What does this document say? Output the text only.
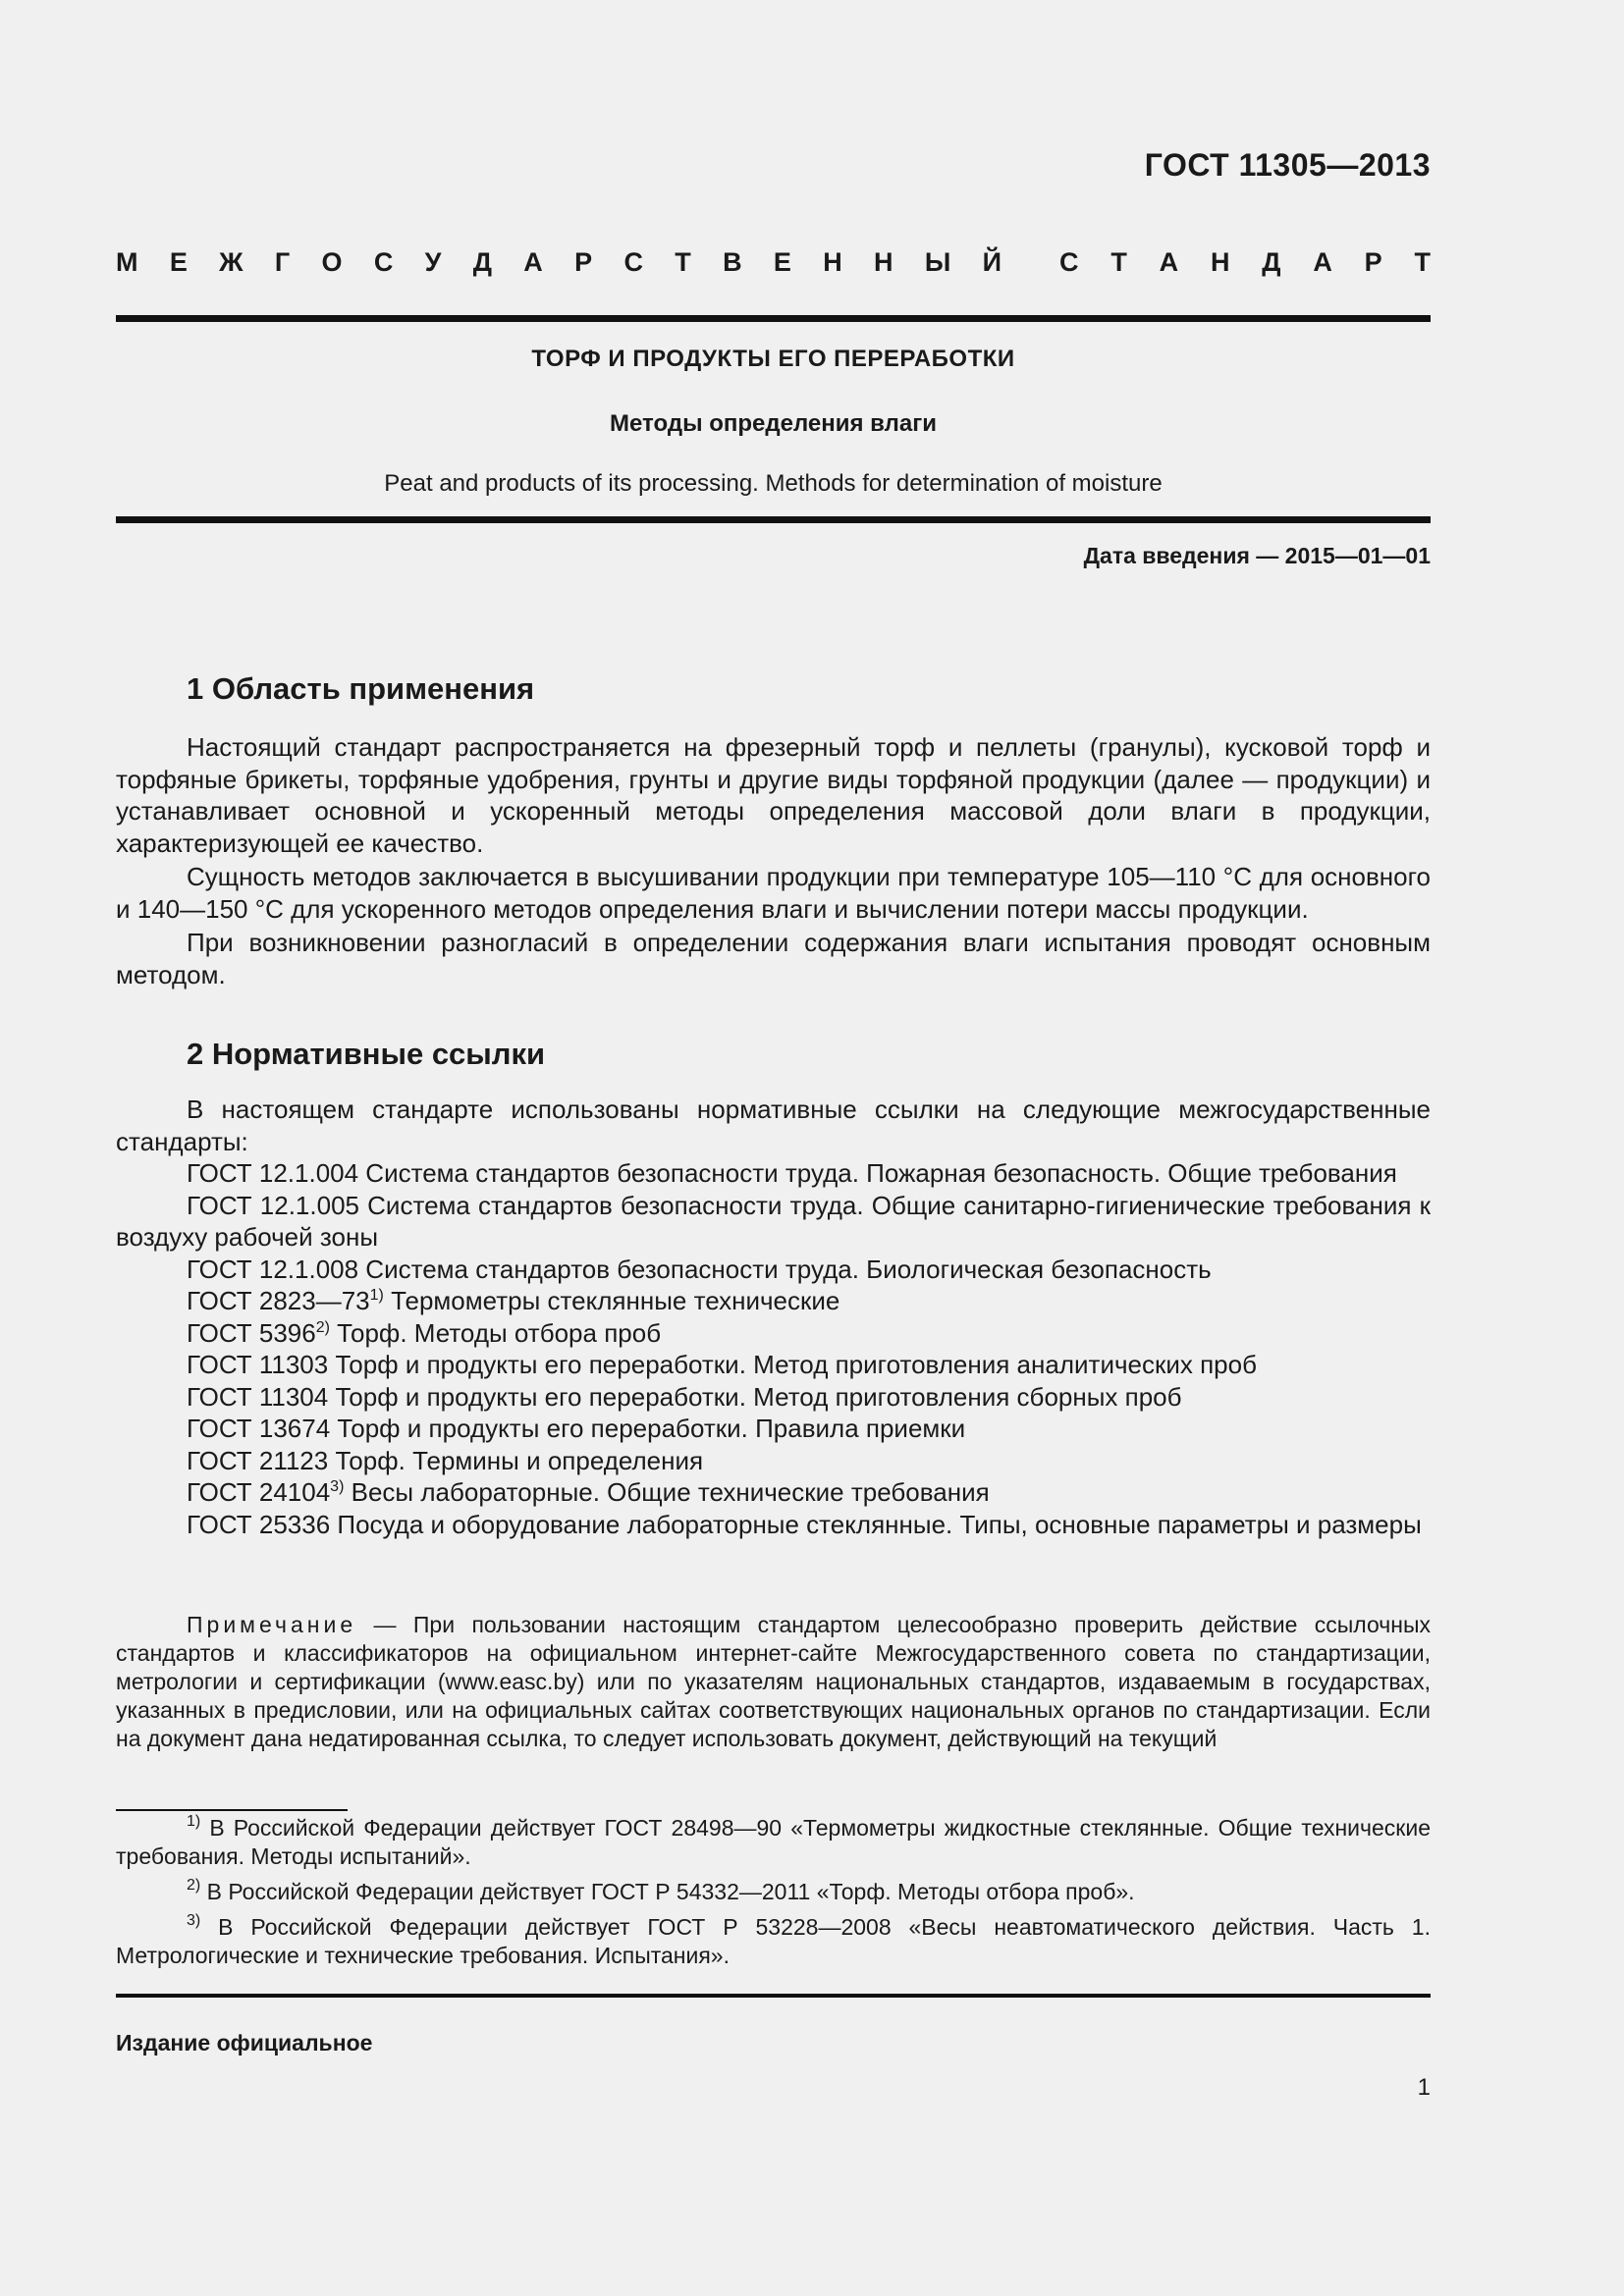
ГОСТ 11305—2013
М Е Ж Г О С У Д А Р С Т В Е Н Н Ы Й С Т А Н Д А Р Т
ТОРФ И ПРОДУКТЫ ЕГО ПЕРЕРАБОТКИ
Методы определения влаги
Peat and products of its processing. Methods for determination of moisture
Дата введения — 2015—01—01
1 Область применения

Настоящий стандарт распространяется на фрезерный торф и пеллеты (гранулы), кусковой торф и торфяные брикеты, торфяные удобрения, грунты и другие виды торфяной продукции (далее — продукции) и устанавливает основной и ускоренный методы определения массовой доли влаги в продукции, характеризующей ее качество.

Сущность методов заключается в высушивании продукции при температуре 105—110 °С для основного и 140—150 °С для ускоренного методов определения влаги и вычислении потери массы продукции.

При возникновении разногласий в определении содержания влаги испытания проводят основным методом.

2 Нормативные ссылки

В настоящем стандарте использованы нормативные ссылки на следующие межгосударственные стандарты:

ГОСТ 12.1.004 Система стандартов безопасности труда. Пожарная безопасность. Общие требования

ГОСТ 12.1.005 Система стандартов безопасности труда. Общие санитарно-гигиенические требования к воздуху рабочей зоны

ГОСТ 12.1.008 Система стандартов безопасности труда. Биологическая безопасность

ГОСТ 2823—73$^{1)}$ Термометры стеклянные технические

ГОСТ 5396$^{2)}$ Торф. Методы отбора проб

ГОСТ 11303 Торф и продукты его переработки. Метод приготовления аналитических проб

ГОСТ 11304 Торф и продукты его переработки. Метод приготовления сборных проб

ГОСТ 13674 Торф и продукты его переработки. Правила приемки

ГОСТ 21123 Торф. Термины и определения

ГОСТ 24104$^{3)}$ Весы лабораторные. Общие технические требования

ГОСТ 25336 Посуда и оборудование лабораторные стеклянные. Типы, основные параметры и размеры

Примечание — При пользовании настоящим стандартом целесообразно проверить действие ссылочных стандартов и классификаторов на официальном интернет-сайте Межгосударственного совета по стандартизации, метрологии и сертификации (www.easc.by) или по указателям национальных стандартов, издаваемым в государствах, указанных в предисловии, или на официальных сайтах соответствующих национальных органов по стандартизации. Если на документ дана недатированная ссылка, то следует использовать документ, действующий на текущий

$^{1)}$ В Российской Федерации действует ГОСТ 28498—90 «Термометры жидкостные стеклянные. Общие технические требования. Методы испытаний».

$^{2)}$ В Российской Федерации действует ГОСТ Р 54332—2011 «Торф. Методы отбора проб».

$^{3)}$ В Российской Федерации действует ГОСТ Р 53228—2008 «Весы неавтоматического действия. Часть 1. Метрологические и технические требования. Испытания».

Издание официальное
1
